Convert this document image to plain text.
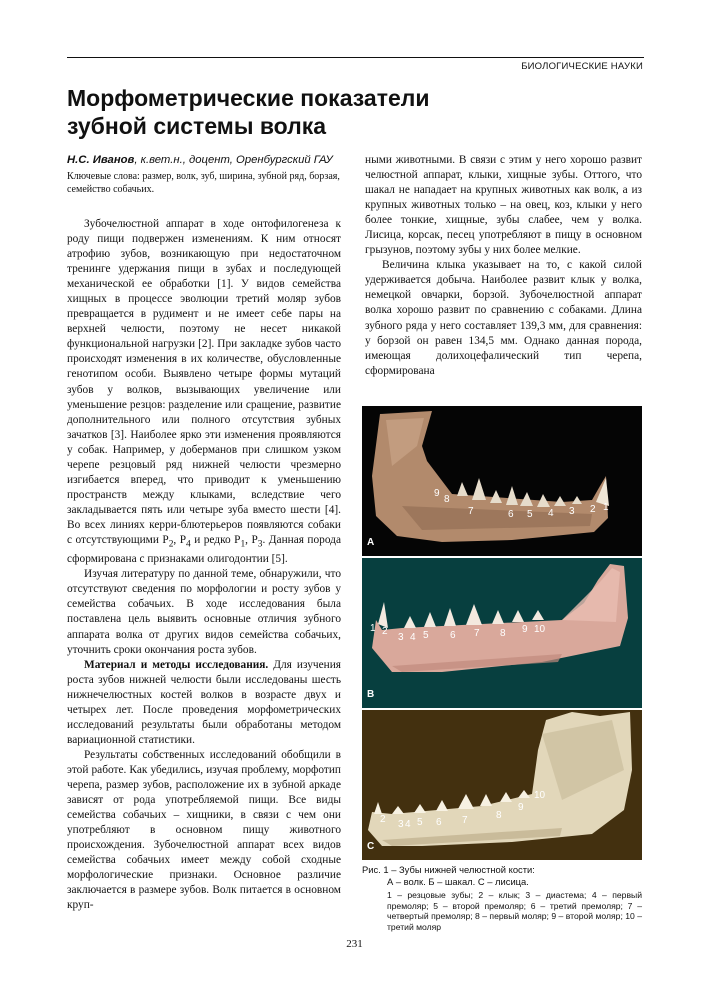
БИОЛОГИЧЕСКИЕ НАУКИ
Морфометрические показатели
зубной системы волка

Н.С. Иванов, к.вет.н., доцент, Оренбургский ГАУ

Ключевые слова: размер, волк, зуб, ширина, зубной ряд, борзая, семейство собачьих.

Зубочелюстной аппарат в ходе онтофилогенеза к роду пищи подвержен изменениям. К ним относят атрофию зубов, возникающую при недостаточном тренинге удержания пищи в зубах и последующей механической ее обработки [1]. У видов семейства хищных в процессе эволюции третий моляр зубов превращается в рудимент и не имеет себе пары на верхней челюсти, поэтому не несет никакой функциональной нагрузки [2]. При закладке зубов часто происходят изменения в их количестве, обусловленные генотипом особи. Выявлено четыре формы мутаций зубов у волков, вызывающих увеличение или уменьшение резцов: разделение или сращение, развитие дополнительного или полного отсутствия зубных зачатков [3]. Наиболее ярко эти изменения проявляются у собак. Например, у доберманов при слишком узком черепе резцовый ряд нижней челюсти чрезмерно изгибается вперед, что приводит к уменьшению пространств между клыками, вследствие чего закладывается пять или четыре зуба вместо шести [4]. Во всех линиях керри-блютерьеров появляются собаки с отсутствующими $P_2$, $P_4$ и редко $P_1$, $P_3$. Данная порода сформирована с признаками олигодонтии [5].

Изучая литературу по данной теме, обнаружили, что отсутствуют сведения по морфологии и росту зубов у семейства собачьих. В ходе исследования была поставлена цель выявить основные отличия зубного аппарата волка от других видов семейства собачьих, уточнить сроки окончания роста зубов.

Материал и методы исследования. Для изучения роста зубов нижней челюсти были исследованы шесть нижнечелюстных костей волков в возрасте двух и четырех лет. После проведения морфометрических исследований результаты были обработаны методом вариационной статистики.

Результаты собственных исследований обобщили в этой работе. Как убедились, изучая проблему, морфотип черепа, размер зубов, расположение их в зубной аркаде зависят от рода употребляемой пищи. Все виды семейства собачьих – хищники, в связи с чем они употребляют в основном пищу животного происхождения. Зубочелюстной аппарат всех видов семейства собачьих имеет между собой сходные морфологические признаки. Основное различие заключается в размере зубов. Волк питается в основном круп-

ными животными. В связи с этим у него хорошо развит челюстной аппарат, клыки, хищные зубы. Оттого, что шакал не нападает на крупных животных как волк, а из крупных животных только – на овец, коз, клыки у него более тонкие, хищные, зубы слабее, чем у волка. Лисица, корсак, песец употребляют в пищу в основном грызунов, поэтому зубы у них более мелкие.

Величина клыка указывает на то, с какой силой удерживается добыча. Наиболее развит клык у волка, немецкой овчарки, борзой. Зубочелюстной аппарат волка хорошо развит по сравнению с собаками. Длина зубного ряда у него составляет 139,3 мм, для сравнения: у борзой он равен 134,5 мм. Однако данная порода, имеющая долихоцефалический тип черепа, сформирована

9
8
7	6 5 4 3 2 1
A
1 2
3 4 5 6 7 8 9 10
B
2 3 4 5 6 7	8
9
10
C
Рис. 1 – Зубы нижней челюстной кости:
А – волк. Б – шакал. С – лисица.
1 – резцовые зубы; 2 – клык; 3 – диастема; 4 – первый премоляр; 5 – второй премоляр; 6 – третий премоляр; 7 – четвертый премоляр; 8 – первый моляр; 9 – второй моляр; 10 – третий моляр
231
